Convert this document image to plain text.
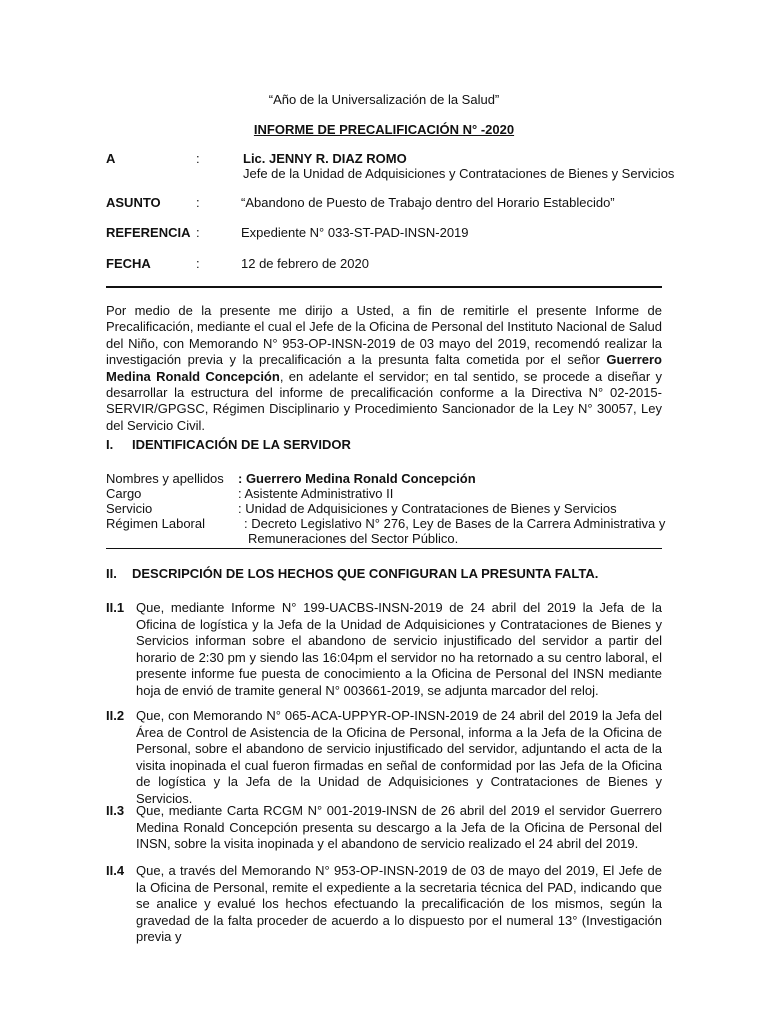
“Año de la Universalización de la Salud”
INFORME DE PRECALIFICACIÓN N° -2020
A	:	Lic. JENNY R. DIAZ ROMO
Jefe de la Unidad de Adquisiciones y Contrataciones de Bienes y Servicios
ASUNTO	:	“Abandono de Puesto de Trabajo dentro del Horario Establecido”
REFERENCIA :	Expediente N° 033-ST-PAD-INSN-2019
FECHA	:	12 de febrero de 2020

Por medio de la presente me dirijo a Usted, a fin de remitirle el presente Informe de Precalificación, mediante el cual el Jefe de la Oficina de Personal del Instituto Nacional de Salud del Niño, con Memorando N° 953-OP-INSN-2019 de 03 mayo del 2019, recomendó realizar la investigación previa y la precalificación a la presunta falta cometida por el señor Guerrero Medina Ronald Concepción, en adelante el servidor; en tal sentido, se procede a diseñar y desarrollar la estructura del informe de precalificación conforme a la Directiva N° 02-2015-SERVIR/GPGSC, Régimen Disciplinario y Procedimiento Sancionador de la Ley N° 30057, Ley del Servicio Civil.

I. IDENTIFICACIÓN DE LA SERVIDOR
Nombres y apellidos : Guerrero Medina Ronald Concepción
Cargo	: Asistente Administrativo II
Servicio	: Unidad de Adquisiciones y Contrataciones de Bienes y Servicios
Régimen Laboral	: Decreto Legislativo N° 276, Ley de Bases de la Carrera Administrativa y
Remuneraciones del Sector Público.
II. DESCRIPCIÓN DE LOS HECHOS QUE CONFIGURAN LA PRESUNTA FALTA.
II.1 Que, mediante Informe N° 199-UACBS-INSN-2019 de 24 abril del 2019 la Jefa de la Oficina de logística y la Jefa de la Unidad de Adquisiciones y Contrataciones de Bienes y Servicios informan sobre el abandono de servicio injustificado del servidor a partir del horario de 2:30 pm y siendo las 16:04pm el servidor no ha retornado a su centro laboral, el presente informe fue puesta de conocimiento a la Oficina de Personal del INSN mediante hoja de envió de tramite general N° 003661-2019, se adjunta marcador del reloj.

II.2 Que, con Memorando N° 065-ACA-UPPYR-OP-INSN-2019 de 24 abril del 2019 la Jefa del Área de Control de Asistencia de la Oficina de Personal, informa a la Jefa de la Oficina de Personal, sobre el abandono de servicio injustificado del servidor, adjuntando el acta de la visita inopinada el cual fueron firmadas en señal de conformidad por las Jefa de la Oficina de logística y la Jefa de la Unidad de Adquisiciones y Contrataciones de Bienes y Servicios.

II.3 Que, mediante Carta RCGM N° 001-2019-INSN de 26 abril del 2019 el servidor Guerrero Medina Ronald Concepción presenta su descargo a la Jefa de la Oficina de Personal del INSN, sobre la visita inopinada y el abandono de servicio realizado el 24 abril del 2019.

II.4 Que, a través del Memorando N° 953-OP-INSN-2019 de 03 de mayo del 2019, El Jefe de la Oficina de Personal, remite el expediente a la secretaria técnica del PAD, indicando que se analice y evalué los hechos efectuando la precalificación de los mismos, según la gravedad de la falta proceder de acuerdo a lo dispuesto por el numeral 13° (Investigación previa y
